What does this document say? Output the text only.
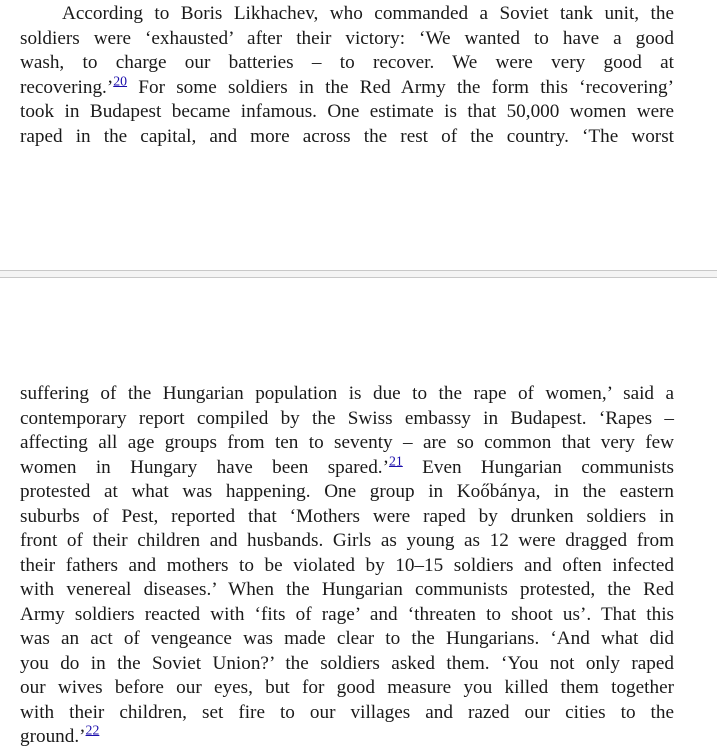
According to Boris Likhachev, who commanded a Soviet tank unit, the
soldiers were ‘exhausted’ after their victory: ‘We wanted to have a good
wash, to charge our batteries – to recover. We were very good at
recovering.’$^{20}$ For some soldiers in the Red Army the form this ‘recovering’
took in Budapest became infamous. One estimate is that 50,000 women were
raped in the capital, and more across the rest of the country. ‘The worst
suffering of the Hungarian population is due to the rape of women,’ said a
contemporary report compiled by the Swiss embassy in Budapest. ‘Rapes –
affecting all age groups from ten to seventy – are so common that very few
women in Hungary have been spared.’$^{21}$ Even Hungarian communists
protested at what was happening. One group in Koőbánya, in the eastern
suburbs of Pest, reported that ‘Mothers were raped by drunken soldiers in
front of their children and husbands. Girls as young as 12 were dragged from
their fathers and mothers to be violated by 10–15 soldiers and often infected
with venereal diseases.’ When the Hungarian communists protested, the Red
Army soldiers reacted with ‘fits of rage’ and ‘threaten to shoot us’. That this
was an act of vengeance was made clear to the Hungarians. ‘And what did
you do in the Soviet Union?’ the soldiers asked them. ‘You not only raped
our wives before our eyes, but for good measure you killed them together
with their children, set fire to our villages and razed our cities to the
ground.’$^{22}$
